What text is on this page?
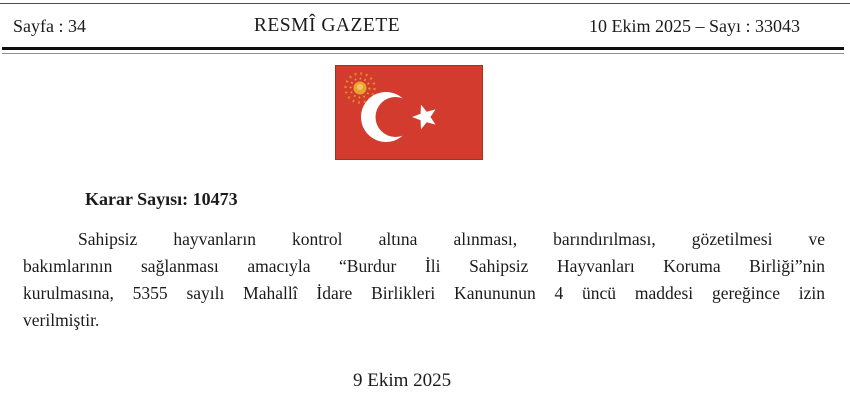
Sayfa : 34	RESMÎ GAZETE	10 Ekim 2025 – Sayı : 33043
Karar Sayısı: 10473
Sahipsiz hayvanların kontrol altına alınması, barındırılması, gözetilmesi ve
bakımlarının sağlanması amacıyla “Burdur İli Sahipsiz Hayvanları Koruma Birliği”nin
kurulmasına, 5355 sayılı Mahallî İdare Birlikleri Kanununun 4 üncü maddesi gereğince izin
verilmiştir.
9 Ekim 2025
